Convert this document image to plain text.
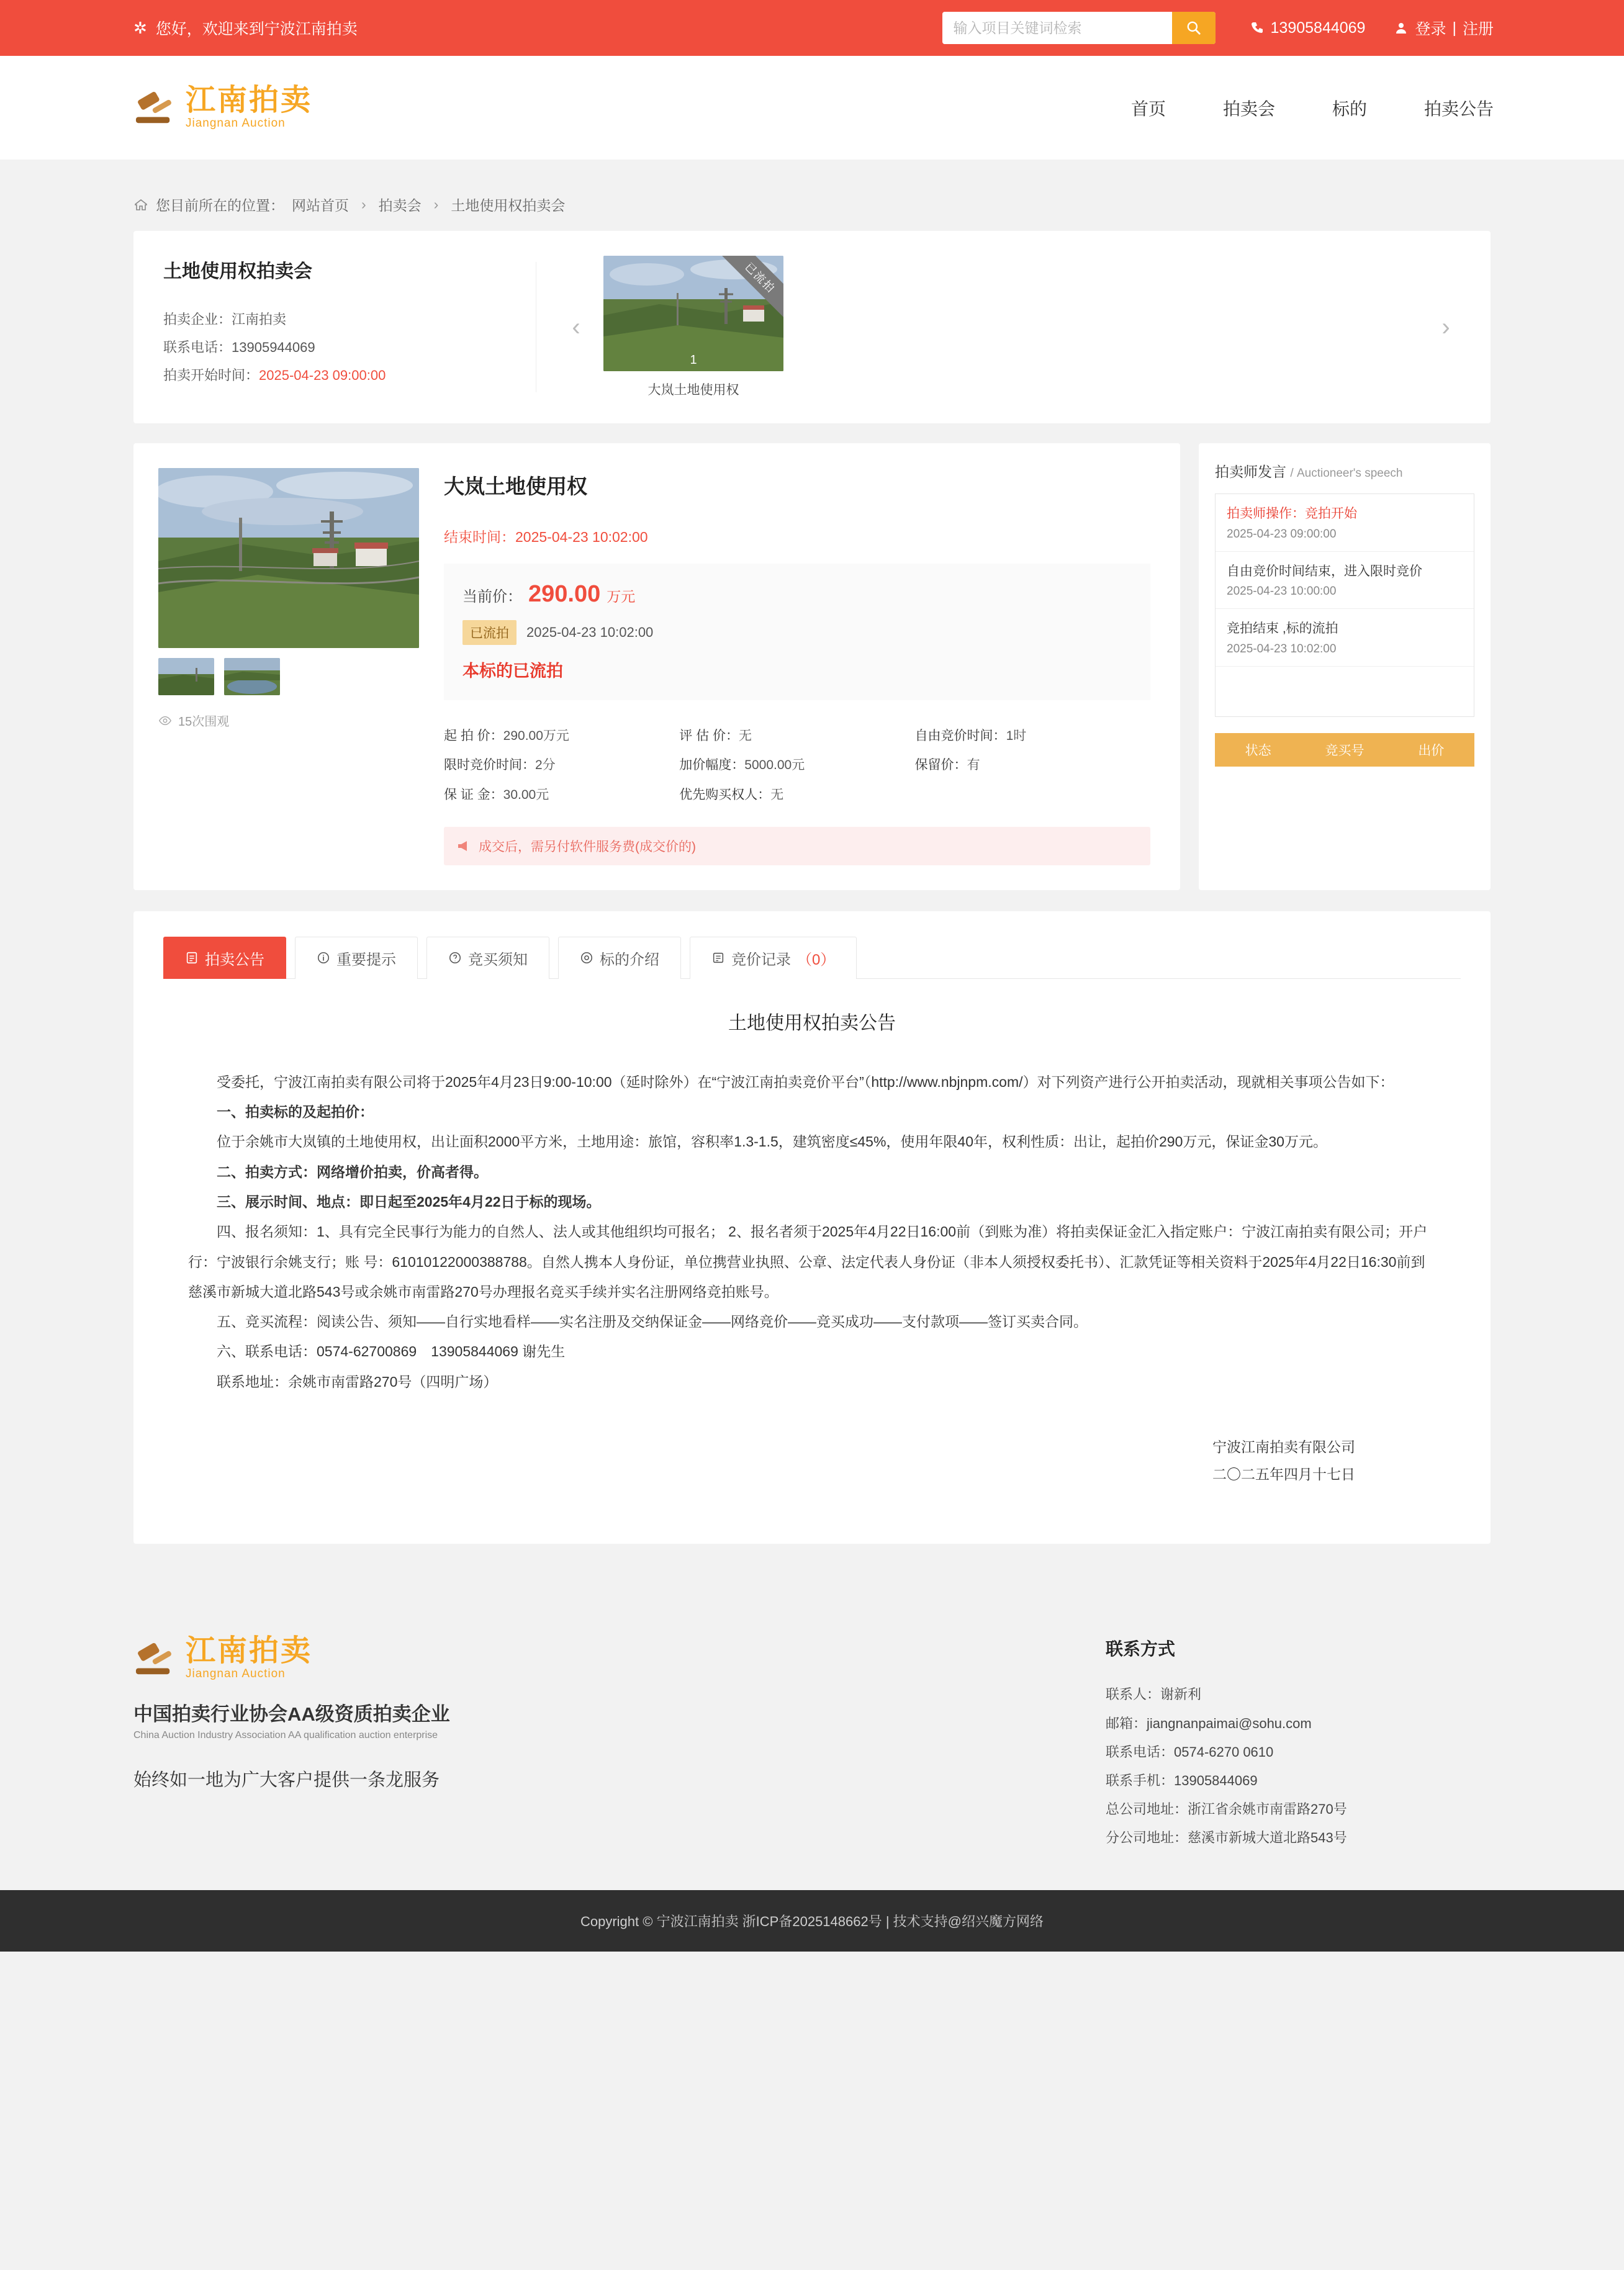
✲ 您好，欢迎来到宁波江南拍卖
输入项目关键词检索	13905844069	登录 | 注册
江南拍卖
Jiangnan Auction
首页	拍卖会	标的	拍卖公告
您目前所在的位置： 网站首页 › 拍卖会 › 土地使用权拍卖会
土地使用权拍卖会

拍卖企业：江南拍卖

联系电话：13905944069

拍卖开始时间：2025-04-23 09:00:00

‹
已流拍
1
大岚土地使用权
›
15次围观
大岚土地使用权
结束时间：2025-04-23 10:02:00
当前价： 290.00 万元
已流拍	2025-04-23 10:02:00
本标的已流拍
起 拍 价：290.00万元	评 估 价：无	自由竞价时间：1时
限时竞价时间：2分	加价幅度：5000.00元	保留价：有
保 证 金：30.00元	优先购买权人：无
成交后，需另付软件服务费(成交价的)
拍卖师发言 / Auctioneer's speech
拍卖师操作：竞拍开始
2025-04-23 09:00:00
自由竞价时间结束，进入限时竞价
2025-04-23 10:00:00
竞拍结束 ,标的流拍
2025-04-23 10:02:00
状态	竞买号	出价
拍卖公告	重要提示	竞买须知	标的介绍	竞价记录 （0）
土地使用权拍卖公告

受委托，宁波江南拍卖有限公司将于2025年4月23日9:00-10:00（延时除外）在“宁波江南拍卖竞价平台”（http://www.nbjnpm.com/）对下列资产进行公开拍卖活动，现就相关事项公告如下：

一、拍卖标的及起拍价：

位于余姚市大岚镇的土地使用权，出让面积2000平方米，土地用途：旅馆，容积率1.3-1.5，建筑密度≤45%，使用年限40年，权利性质：出让，起拍价290万元，保证金30万元。

二、拍卖方式：网络增价拍卖，价高者得。

三、展示时间、地点：即日起至2025年4月22日于标的现场。

四、报名须知：1、具有完全民事行为能力的自然人、法人或其他组织均可报名； 2、报名者须于2025年4月22日16:00前（到账为准）将拍卖保证金汇入指定账户：宁波江南拍卖有限公司；开户行：宁波银行余姚支行；账 号：61010122000388788。自然人携本人身份证，单位携营业执照、公章、法定代表人身份证（非本人须授权委托书）、汇款凭证等相关资料于2025年4月22日16:30前到慈溪市新城大道北路543号或余姚市南雷路270号办理报名竞买手续并实名注册网络竞拍账号。

五、竞买流程：阅读公告、须知——自行实地看样——实名注册及交纳保证金——网络竞价——竞买成功——支付款项——签订买卖合同。

六、联系电话：0574-62700869　13905844069 谢先生

联系地址：余姚市南雷路270号（四明广场）

宁波江南拍卖有限公司

二〇二五年四月十七日

江南拍卖
Jiangnan Auction
中国拍卖行业协会AA级资质拍卖企业
China Auction Industry Association AA qualification auction enterprise
始终如一地为广大客户提供一条龙服务
联系方式

联系人：谢新利

邮箱：jiangnanpaimai@sohu.com

联系电话：0574-6270 0610

联系手机：13905844069

总公司地址：浙江省余姚市南雷路270号

分公司地址：慈溪市新城大道北路543号

Copyright © 宁波江南拍卖 浙ICP备2025148662号 | 技术支持@绍兴魔方网络
